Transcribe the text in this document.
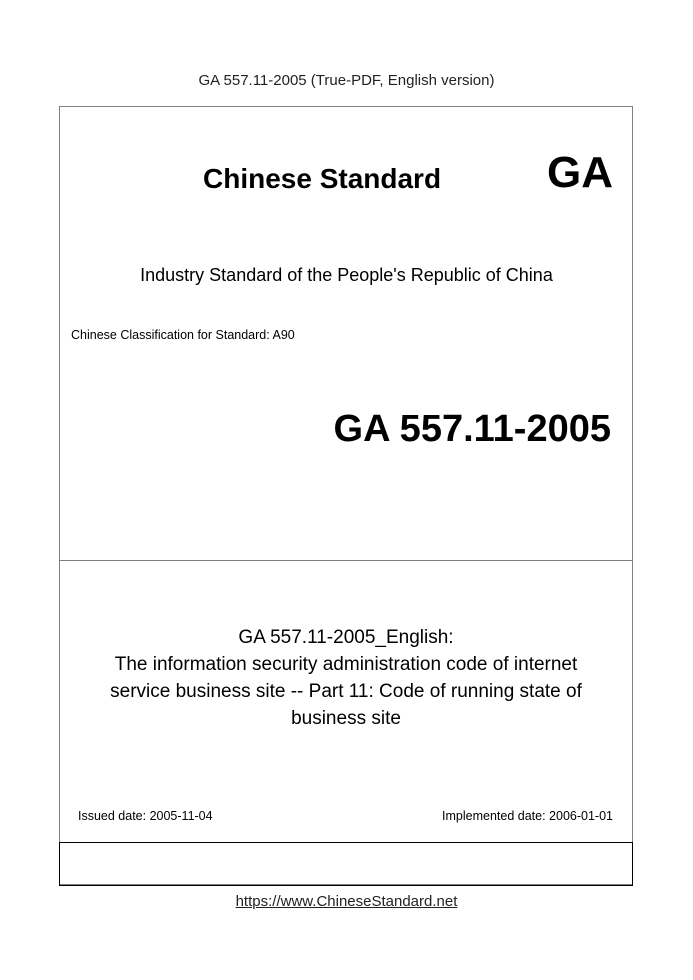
GA 557.11-2005 (True-PDF, English version)
Chinese Standard GA
Industry Standard of the People's Republic of China
Chinese Classification for Standard: A90
GA 557.11-2005
GA 557.11-2005_English:
The information security administration code of internet
service business site -- Part 11: Code of running state of
business site
Issued date: 2005-11-04	Implemented date: 2006-01-01
https://www.ChineseStandard.net
